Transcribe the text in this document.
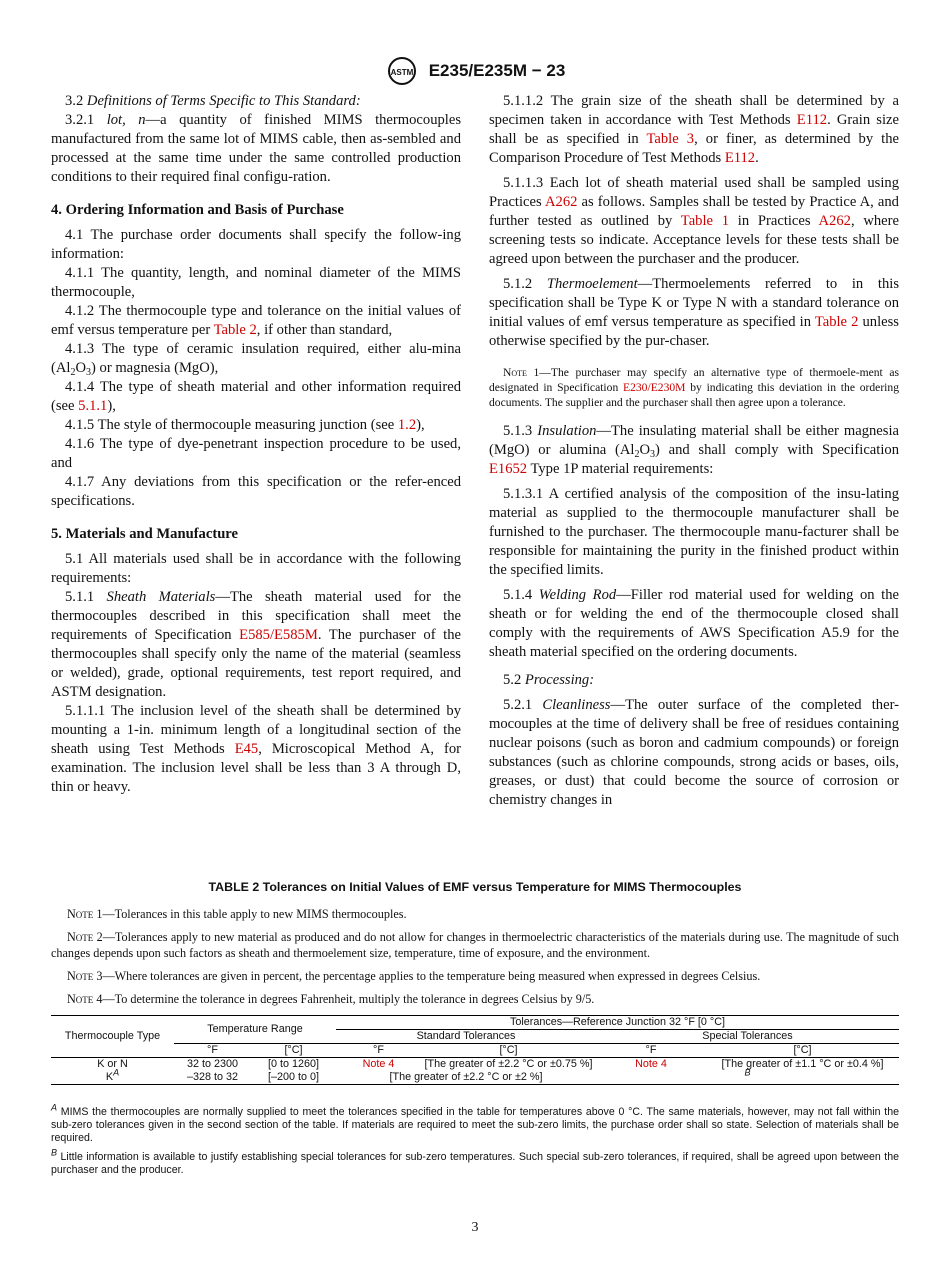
ASTM E235/E235M − 23

3.2 Definitions of Terms Specific to This Standard:

3.2.1 lot, n—a quantity of finished MIMS thermocouples manufactured from the same lot of MIMS cable, then as-sembled and processed at the same time under the same controlled production conditions to their required final configu-ration.

4. Ordering Information and Basis of Purchase

4.1 The purchase order documents shall specify the follow-ing information:

4.1.1 The quantity, length, and nominal diameter of the MIMS thermocouple,

4.1.2 The thermocouple type and tolerance on the initial values of emf versus temperature per Table 2, if other than standard,

4.1.3 The type of ceramic insulation required, either alu-mina $(Al_2O_3)$ or magnesia (MgO),

4.1.4 The type of sheath material and other information required (see 5.1.1),

4.1.5 The style of thermocouple measuring junction (see 1.2),

4.1.6 The type of dye-penetrant inspection procedure to be used, and

4.1.7 Any deviations from this specification or the refer-enced specifications.

5. Materials and Manufacture

5.1 All materials used shall be in accordance with the following requirements:

5.1.1 Sheath Materials—The sheath material used for the thermocouples described in this specification shall meet the requirements of Specification E585/E585M. The purchaser of the thermocouples shall specify only the name of the material (seamless or welded), grade, optional requirements, test report required, and ASTM designation.

5.1.1.1 The inclusion level of the sheath shall be determined by mounting a 1-in. minimum length of a longitudinal section of the sheath using Test Methods E45, Microscopical Method A, for examination. The inclusion level shall be less than 3 A through D, thin or heavy.

5.1.1.2 The grain size of the sheath shall be determined by a specimen taken in accordance with Test Methods E112. Grain size shall be as specified in Table 3, or finer, as determined by the Comparison Procedure of Test Methods E112.

5.1.1.3 Each lot of sheath material used shall be sampled using Practices A262 as follows. Samples shall be tested by Practice A, and further tested as outlined by Table 1 in Practices A262, where screening tests so indicate. Acceptance levels for these tests shall be agreed upon between the purchaser and the producer.

5.1.2 Thermoelement—Thermoelements referred to in this specification shall be Type K or Type N with a standard tolerance on initial values of emf versus temperature as specified in Table 2 unless otherwise specified by the pur-chaser.

Note 1—The purchaser may specify an alternative type of thermoele-ment as designated in Specification E230/E230M by indicating this deviation in the ordering documents. The supplier and the purchaser shall then agree upon a tolerance.

5.1.3 Insulation—The insulating material shall be either magnesia (MgO) or alumina $(Al_2O_3)$ and shall comply with Specification E1652 Type 1P material requirements:

5.1.3.1 A certified analysis of the composition of the insu-lating material as supplied to the thermocouple manufacturer shall be furnished to the purchaser. The thermocouple manu-facturer shall be responsible for maintaining the purity in the finished product within the specified limits.

5.1.4 Welding Rod—Filler rod material used for welding on the sheath or for welding the end of the thermocouple closed shall comply with the requirements of AWS Specification A5.9 for the sheath material specified on the ordering documents.

5.2 Processing:

5.2.1 Cleanliness—The outer surface of the completed ther-mocouples at the time of delivery shall be free of residues containing nuclear poisons (such as boron and cadmium compounds) or foreign substances (such as chlorine compounds, strong acids or bases, oils, greases, or dust) that could become the source of corrosion or chemistry changes in

TABLE 2 Tolerances on Initial Values of EMF versus Temperature for MIMS Thermocouples

Note 1—Tolerances in this table apply to new MIMS thermocouples.

Note 2—Tolerances apply to new material as produced and do not allow for changes in thermoelectric characteristics of the materials during use. The magnitude of such changes depends upon such factors as sheath and thermoelement size, temperature, time of exposure, and the environment.

Note 3—Where tolerances are given in percent, the percentage applies to the temperature being measured when expressed in degrees Celsius.

Note 4—To determine the tolerance in degrees Fahrenheit, multiply the tolerance in degrees Celsius by 9/5.

Thermocouple Type	Temperature Range		Tolerances—Reference Junction 32 °F [0 °C]			
			Standard Tolerances		Special Tolerances	
	°F	[°C]	°F	[°C]	°F	[°C]
K or N	32 to 2300	[0 to 1260]	Note 4	[The greater of ±2.2 °C or ±0.75 %]	Note 4	[The greater of ±1.1 °C or ±0.4 %]
$K^A$	–328 to 32	[–200 to 0]	[The greater of ±2.2 °C or ±2 %]		$^B$
$^A$ MIMS the thermocouples are normally supplied to meet the tolerances specified in the table for temperatures above 0 °C. The same materials, however, may not fall within the sub-zero tolerances given in the second section of the table. If materials are required to meet the sub-zero limits, the purchase order shall so state. Selection of materials shall be required.
$^B$ Little information is available to justify establishing special tolerances for sub-zero temperatures. Such special sub-zero tolerances, if required, shall be agreed upon between the purchaser and the producer.
3
